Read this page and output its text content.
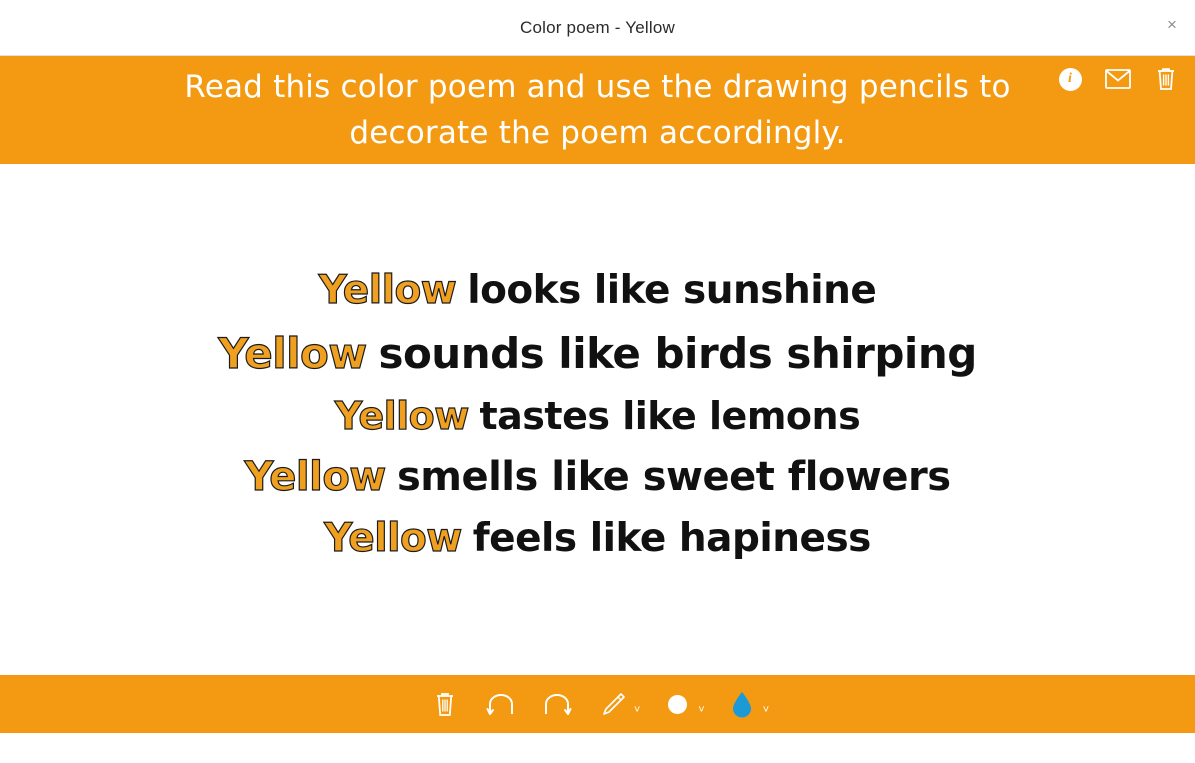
Color poem - Yellow	×
Read this color poem and use the drawing pencils to decorate the poem accordingly.
i
Yellow looks like sunshine
Yellow sounds like birds shirping
Yellow tastes like lemons
Yellow smells like sweet flowers
Yellow feels like hapiness
˅	˅	˅
